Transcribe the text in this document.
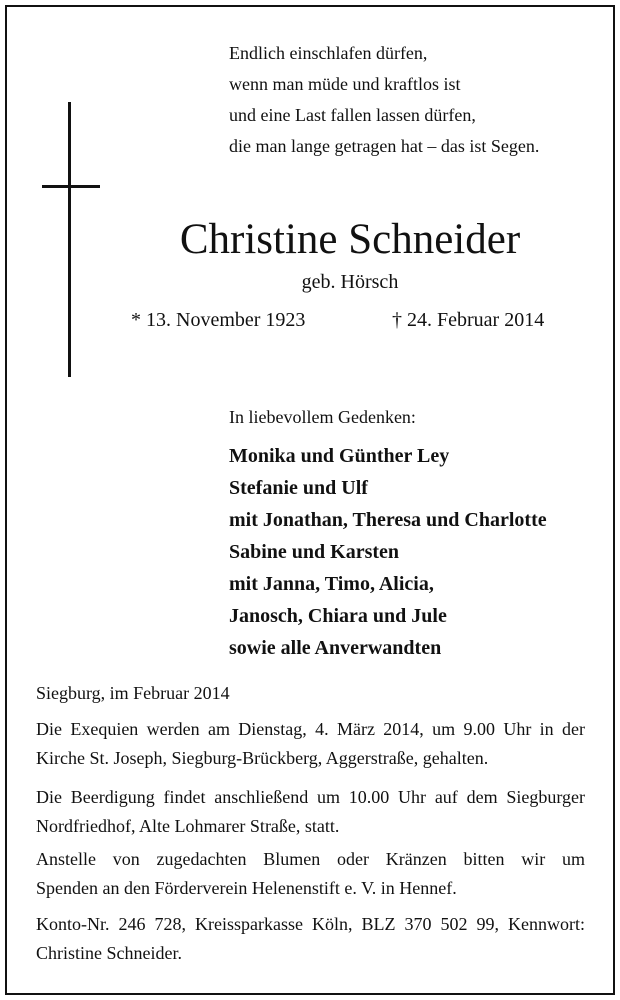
Endlich einschlafen dürfen,
wenn man müde und kraftlos ist
und eine Last fallen lassen dürfen,
die man lange getragen hat – das ist Segen.
Christine Schneider
geb. Hörsch
* 13. November 1923	† 24. Februar 2014
In liebevollem Gedenken:
Monika und Günther Ley
Stefanie und Ulf
mit Jonathan, Theresa und Charlotte
Sabine und Karsten
mit Janna, Timo, Alicia,
Janosch, Chiara und Jule
sowie alle Anverwandten
Siegburg, im Februar 2014
Die Exequien werden am Dienstag, 4. März 2014, um 9.00 Uhr in der
Kirche St. Joseph, Siegburg-Brückberg, Aggerstraße, gehalten.
Die Beerdigung findet anschließend um 10.00 Uhr auf dem Siegburger
Nordfriedhof, Alte Lohmarer Straße, statt.
Anstelle von zugedachten Blumen oder Kränzen bitten wir um
Spenden an den Förderverein Helenenstift e. V. in Hennef.
Konto-Nr. 246 728, Kreissparkasse Köln, BLZ 370 502 99, Kennwort:
Christine Schneider.
